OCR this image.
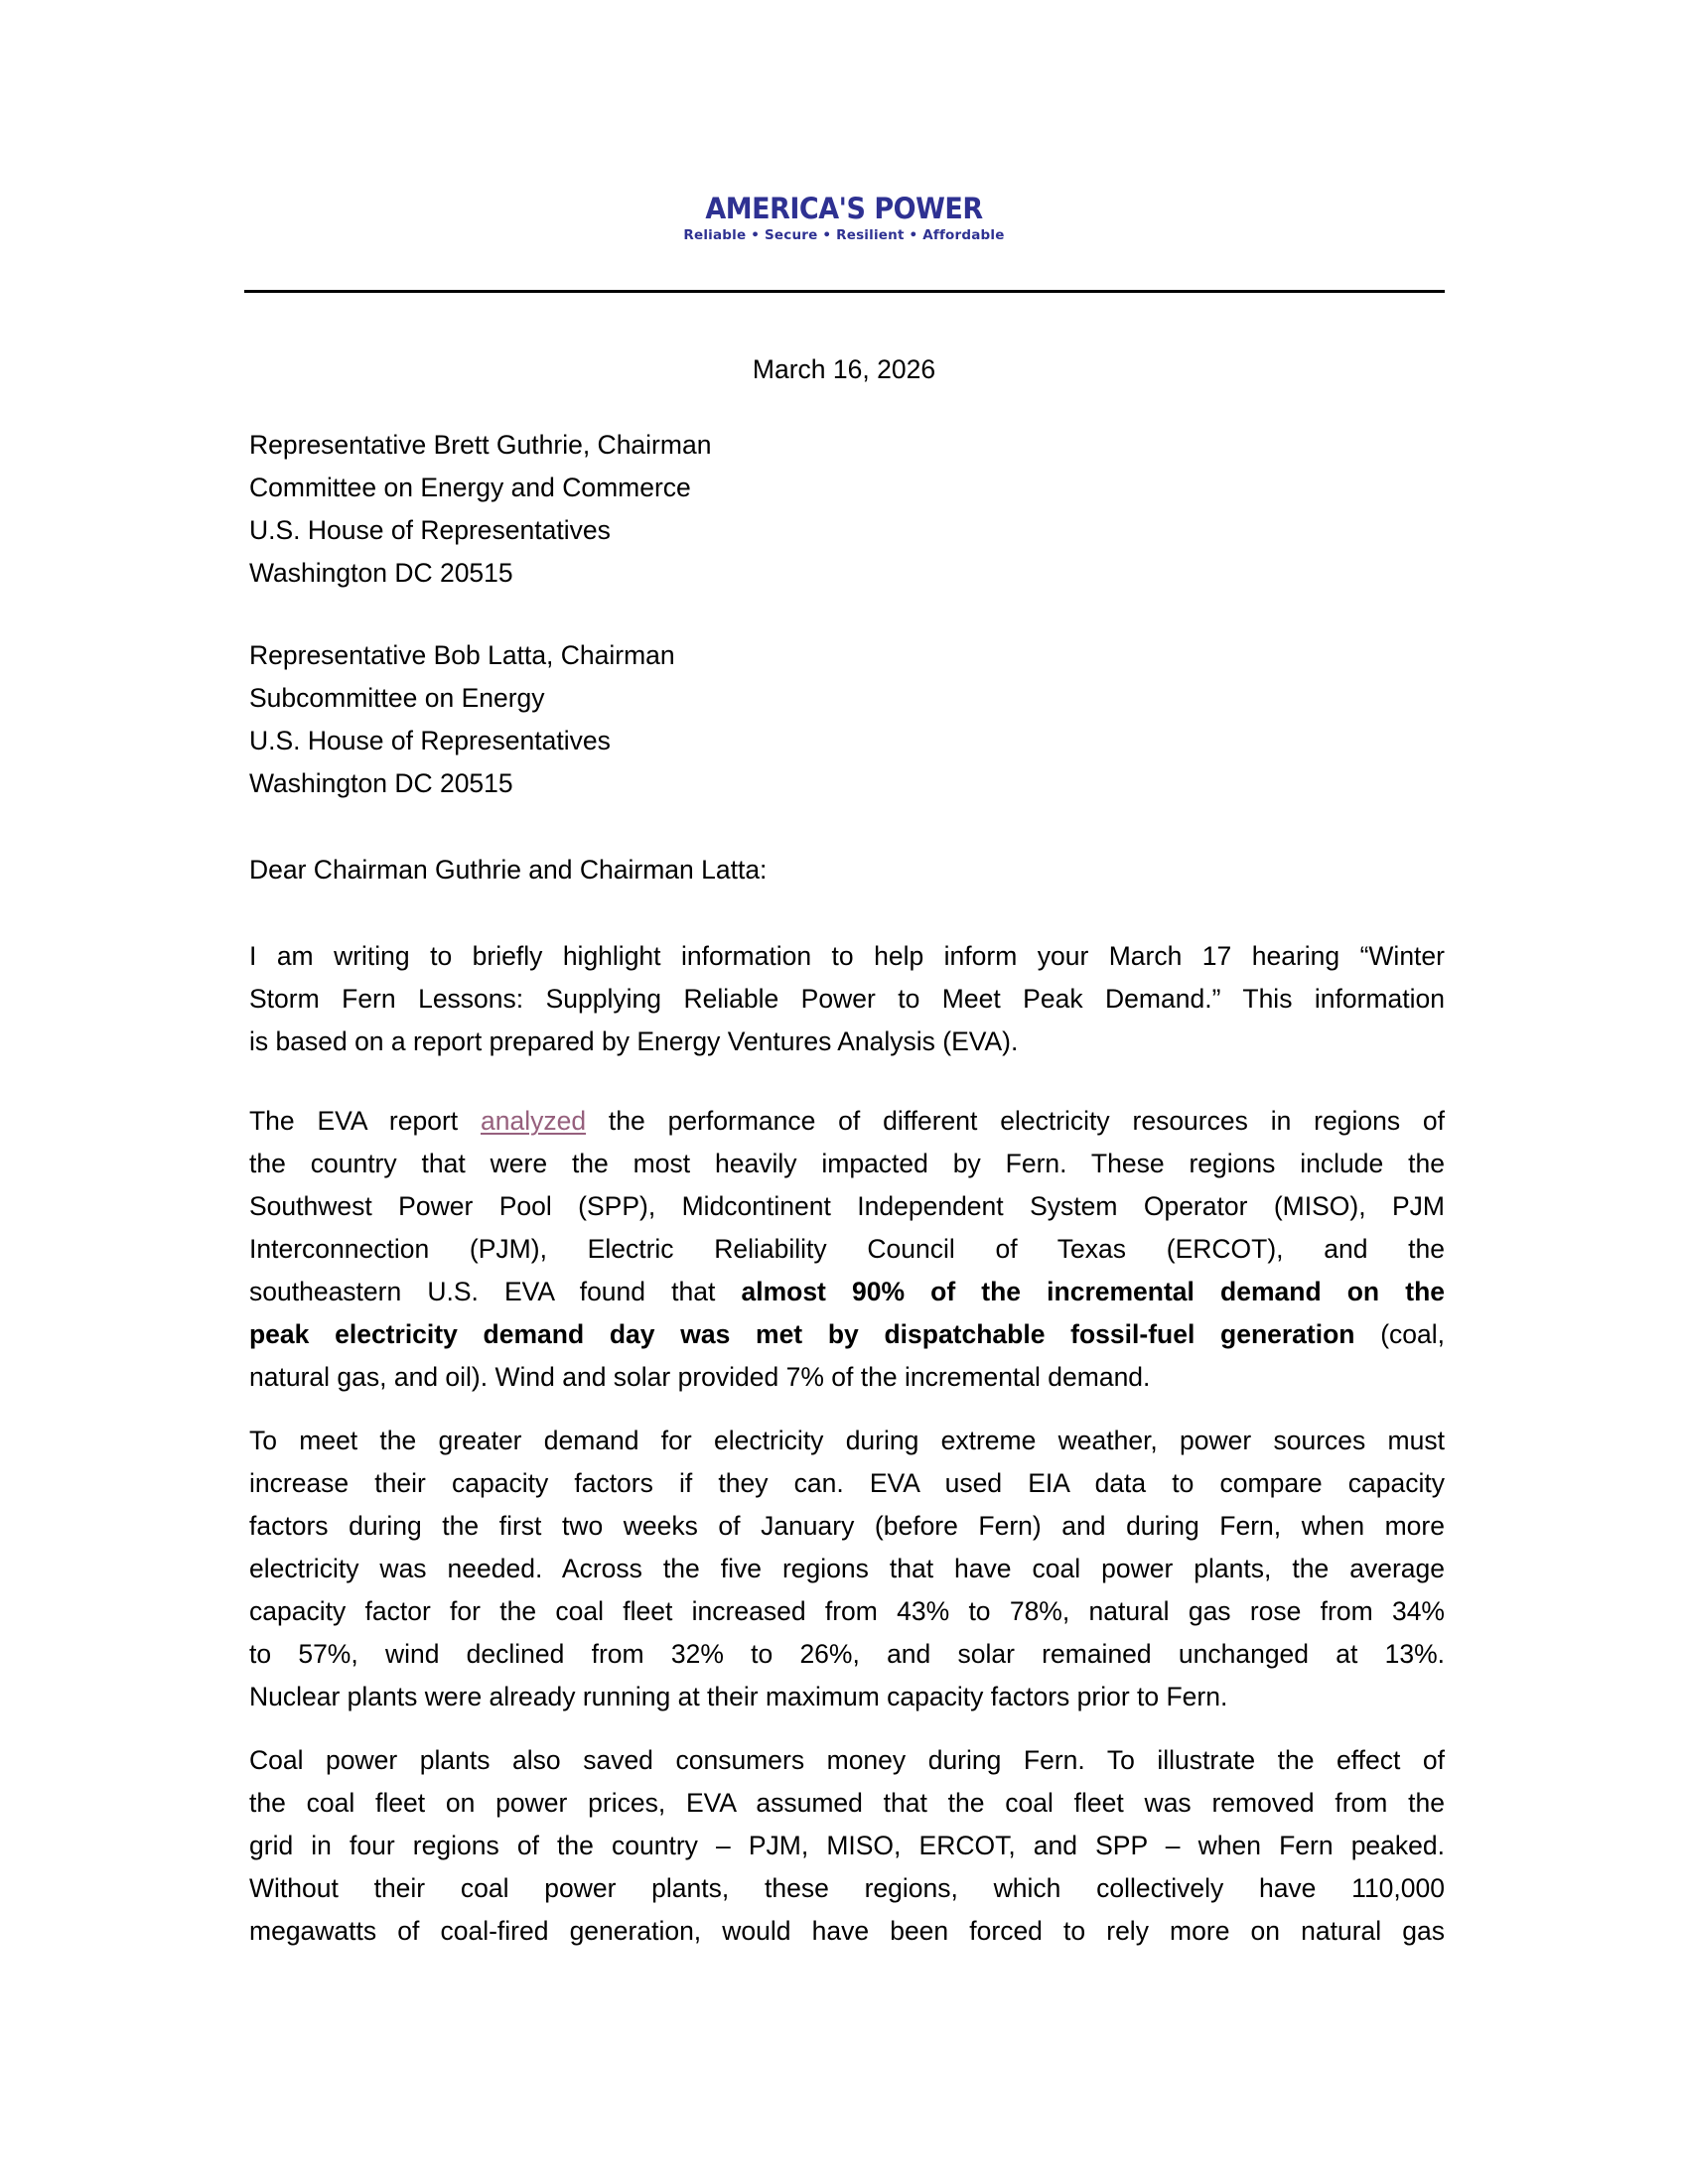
AMERICA'S POWER
Reliable • Secure • Resilient • Affordable
March 16, 2026
Representative Brett Guthrie, Chairman
Committee on Energy and Commerce
U.S. House of Representatives
Washington DC 20515
Representative Bob Latta, Chairman
Subcommittee on Energy
U.S. House of Representatives
Washington DC 20515
Dear Chairman Guthrie and Chairman Latta:
I am writing to briefly highlight information to help inform your March 17 hearing “Winter
Storm Fern Lessons: Supplying Reliable Power to Meet Peak Demand.” This information
is based on a report prepared by Energy Ventures Analysis (EVA).
The EVA report analyzed the performance of different electricity resources in regions of
the country that were the most heavily impacted by Fern. These regions include the
Southwest Power Pool (SPP), Midcontinent Independent System Operator (MISO), PJM
Interconnection (PJM), Electric Reliability Council of Texas (ERCOT), and the
southeastern U.S. EVA found that almost 90% of the incremental demand on the
peak electricity demand day was met by dispatchable fossil-fuel generation (coal,
natural gas, and oil). Wind and solar provided 7% of the incremental demand.
To meet the greater demand for electricity during extreme weather, power sources must
increase their capacity factors if they can. EVA used EIA data to compare capacity
factors during the first two weeks of January (before Fern) and during Fern, when more
electricity was needed. Across the five regions that have coal power plants, the average
capacity factor for the coal fleet increased from 43% to 78%, natural gas rose from 34%
to 57%, wind declined from 32% to 26%, and solar remained unchanged at 13%.
Nuclear plants were already running at their maximum capacity factors prior to Fern.
Coal power plants also saved consumers money during Fern. To illustrate the effect of
the coal fleet on power prices, EVA assumed that the coal fleet was removed from the
grid in four regions of the country – PJM, MISO, ERCOT, and SPP – when Fern peaked.
Without their coal power plants, these regions, which collectively have 110,000
megawatts of coal-fired generation, would have been forced to rely more on natural gas
